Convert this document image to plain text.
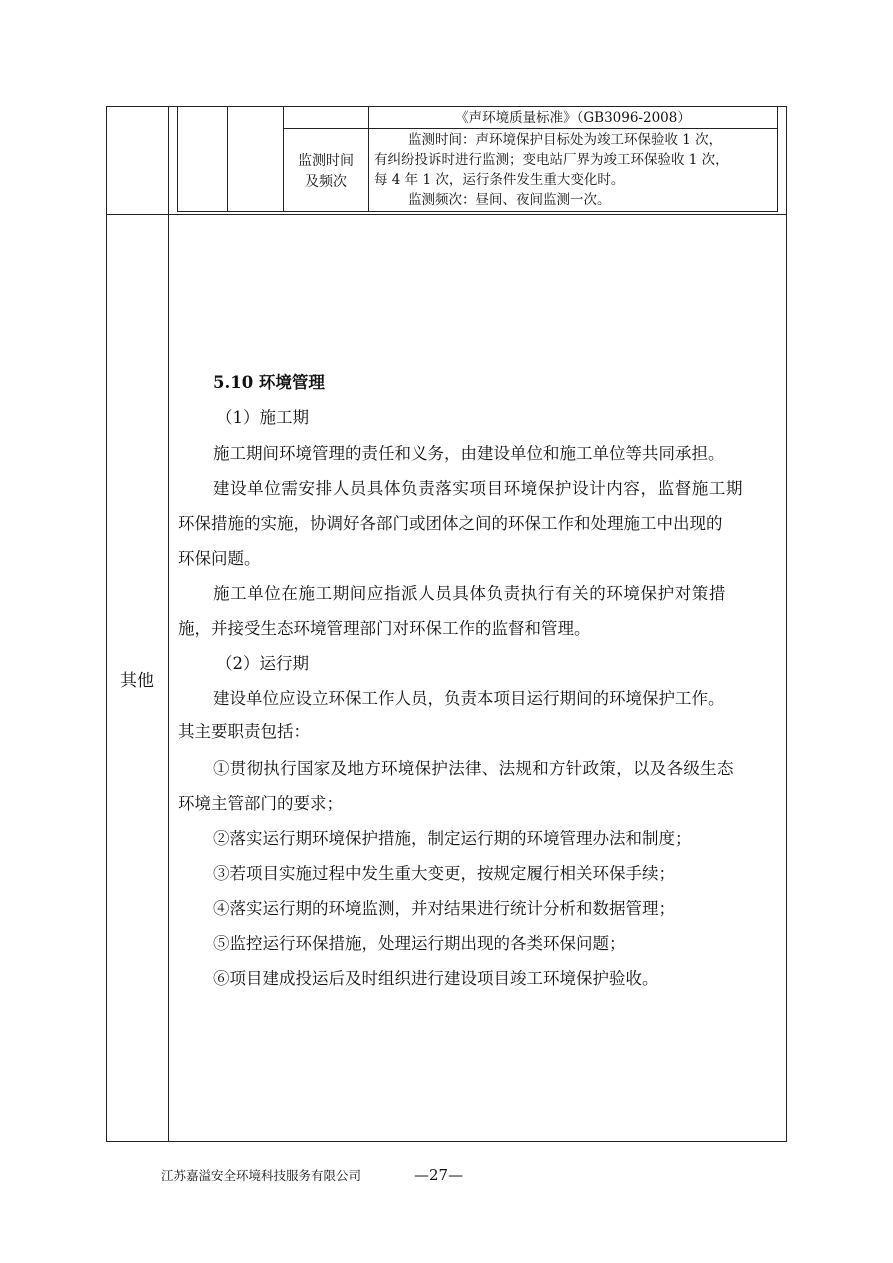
《声环境质量标准》（GB3096-2008）
监测时间
及频次
监测时间：声环境保护目标处为竣工环保验收 1 次，
有纠纷投诉时进行监测；变电站厂界为竣工环保验收 1 次，
每 4 年 1 次，运行条件发生重大变化时。
监测频次：昼间、夜间监测一次。
其他
5.10 环境管理
（1）施工期
施工期间环境管理的责任和义务，由建设单位和施工单位等共同承担。
建设单位需安排人员具体负责落实项目环境保护设计内容，监督施工期
环保措施的实施，协调好各部门或团体之间的环保工作和处理施工中出现的
环保问题。
施工单位在施工期间应指派人员具体负责执行有关的环境保护对策措
施，并接受生态环境管理部门对环保工作的监督和管理。
（2）运行期
建设单位应设立环保工作人员，负责本项目运行期间的环境保护工作。
其主要职责包括：
①贯彻执行国家及地方环境保护法律、法规和方针政策，以及各级生态
环境主管部门的要求；
②落实运行期环境保护措施，制定运行期的环境管理办法和制度；
③若项目实施过程中发生重大变更，按规定履行相关环保手续；
④落实运行期的环境监测，并对结果进行统计分析和数据管理；
⑤监控运行环保措施，处理运行期出现的各类环保问题；
⑥项目建成投运后及时组织进行建设项目竣工环境保护验收。
江苏嘉溢安全环境科技服务有限公司	—27—
